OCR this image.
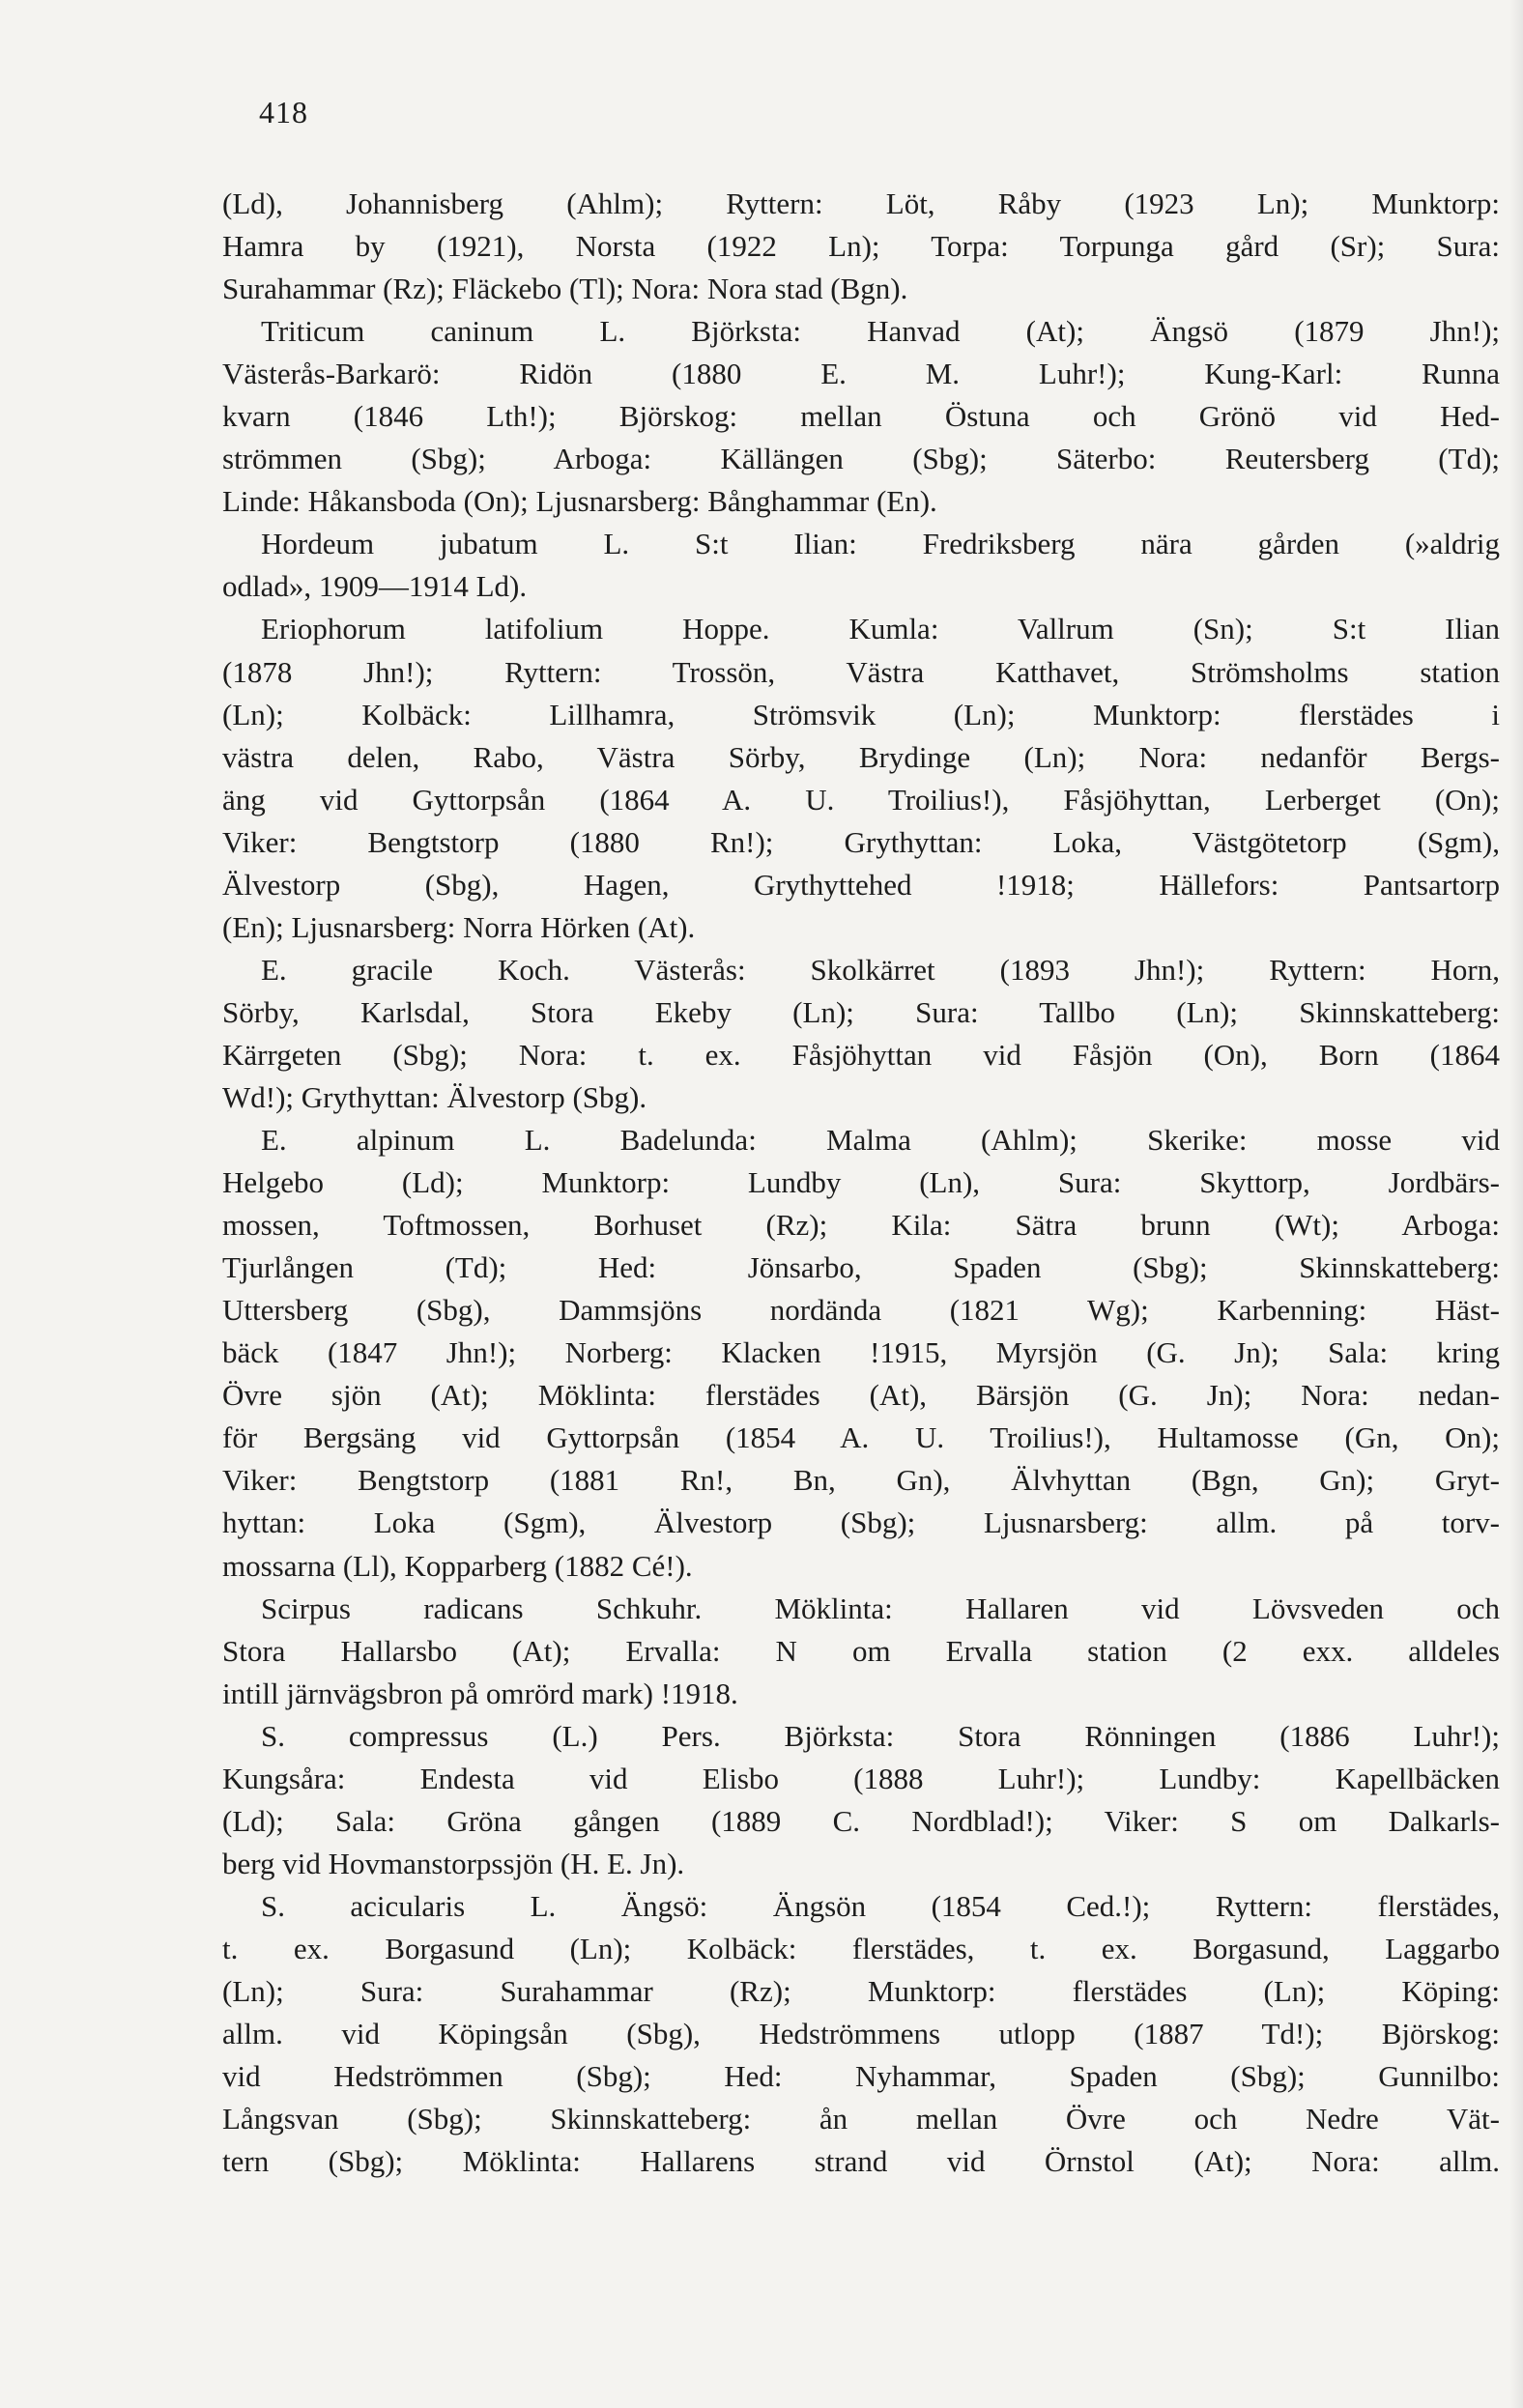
418
(Ld), Johannisberg (Ahlm); Ryttern: Löt, Råby (1923 Ln); Munktorp:
Hamra by (1921), Norsta (1922 Ln); Torpa: Torpunga gård (Sr); Sura:
Surahammar (Rz); Fläckebo (Tl); Nora: Nora stad (Bgn).
Triticum caninum L. Björksta: Hanvad (At); Ängsö (1879 Jhn!);
Västerås-Barkarö: Ridön (1880 E. M. Luhr!); Kung-Karl: Runna
kvarn (1846 Lth!); Björskog: mellan Östuna och Grönö vid Hed-
strömmen (Sbg); Arboga: Källängen (Sbg); Säterbo: Reutersberg (Td);
Linde: Håkansboda (On); Ljusnarsberg: Bånghammar (En).
Hordeum jubatum L. S:t Ilian: Fredriksberg nära gården (»aldrig
odlad», 1909—1914 Ld).
Eriophorum latifolium Hoppe. Kumla: Vallrum (Sn); S:t Ilian
(1878 Jhn!); Ryttern: Trossön, Västra Katthavet, Strömsholms station
(Ln); Kolbäck: Lillhamra, Strömsvik (Ln); Munktorp: flerstädes i
västra delen, Rabo, Västra Sörby, Brydinge (Ln); Nora: nedanför Bergs-
äng vid Gyttorpsån (1864 A. U. Troilius!), Fåsjöhyttan, Lerberget (On);
Viker: Bengtstorp (1880 Rn!); Grythyttan: Loka, Västgötetorp (Sgm),
Älvestorp (Sbg), Hagen, Grythyttehed !1918; Hällefors: Pantsartorp
(En); Ljusnarsberg: Norra Hörken (At).
E. gracile Koch. Västerås: Skolkärret (1893 Jhn!); Ryttern: Horn,
Sörby, Karlsdal, Stora Ekeby (Ln); Sura: Tallbo (Ln); Skinnskatteberg:
Kärrgeten (Sbg); Nora: t. ex. Fåsjöhyttan vid Fåsjön (On), Born (1864
Wd!); Grythyttan: Älvestorp (Sbg).
E. alpinum L. Badelunda: Malma (Ahlm); Skerike: mosse vid
Helgebo (Ld); Munktorp: Lundby (Ln), Sura: Skyttorp, Jordbärs-
mossen, Toftmossen, Borhuset (Rz); Kila: Sätra brunn (Wt); Arboga:
Tjurlången (Td); Hed: Jönsarbo, Spaden (Sbg); Skinnskatteberg:
Uttersberg (Sbg), Dammsjöns nordända (1821 Wg); Karbenning: Häst-
bäck (1847 Jhn!); Norberg: Klacken !1915, Myrsjön (G. Jn); Sala: kring
Övre sjön (At); Möklinta: flerstädes (At), Bärsjön (G. Jn); Nora: nedan-
för Bergsäng vid Gyttorpsån (1854 A. U. Troilius!), Hultamosse (Gn, On);
Viker: Bengtstorp (1881 Rn!, Bn, Gn), Älvhyttan (Bgn, Gn); Gryt-
hyttan: Loka (Sgm), Älvestorp (Sbg); Ljusnarsberg: allm. på torv-
mossarna (Ll), Kopparberg (1882 Cé!).
Scirpus radicans Schkuhr. Möklinta: Hallaren vid Lövsveden och
Stora Hallarsbo (At); Ervalla: N om Ervalla station (2 exx. alldeles
intill järnvägsbron på omrörd mark) !1918.
S. compressus (L.) Pers. Björksta: Stora Rönningen (1886 Luhr!);
Kungsåra: Endesta vid Elisbo (1888 Luhr!); Lundby: Kapellbäcken
(Ld); Sala: Gröna gången (1889 C. Nordblad!); Viker: S om Dalkarls-
berg vid Hovmanstorpssjön (H. E. Jn).
S. acicularis L. Ängsö: Ängsön (1854 Ced.!); Ryttern: flerstädes,
t. ex. Borgasund (Ln); Kolbäck: flerstädes, t. ex. Borgasund, Laggarbo
(Ln); Sura: Surahammar (Rz); Munktorp: flerstädes (Ln); Köping:
allm. vid Köpingsån (Sbg), Hedströmmens utlopp (1887 Td!); Björskog:
vid Hedströmmen (Sbg); Hed: Nyhammar, Spaden (Sbg); Gunnilbo:
Långsvan (Sbg); Skinnskatteberg: ån mellan Övre och Nedre Vät-
tern (Sbg); Möklinta: Hallarens strand vid Örnstol (At); Nora: allm.
